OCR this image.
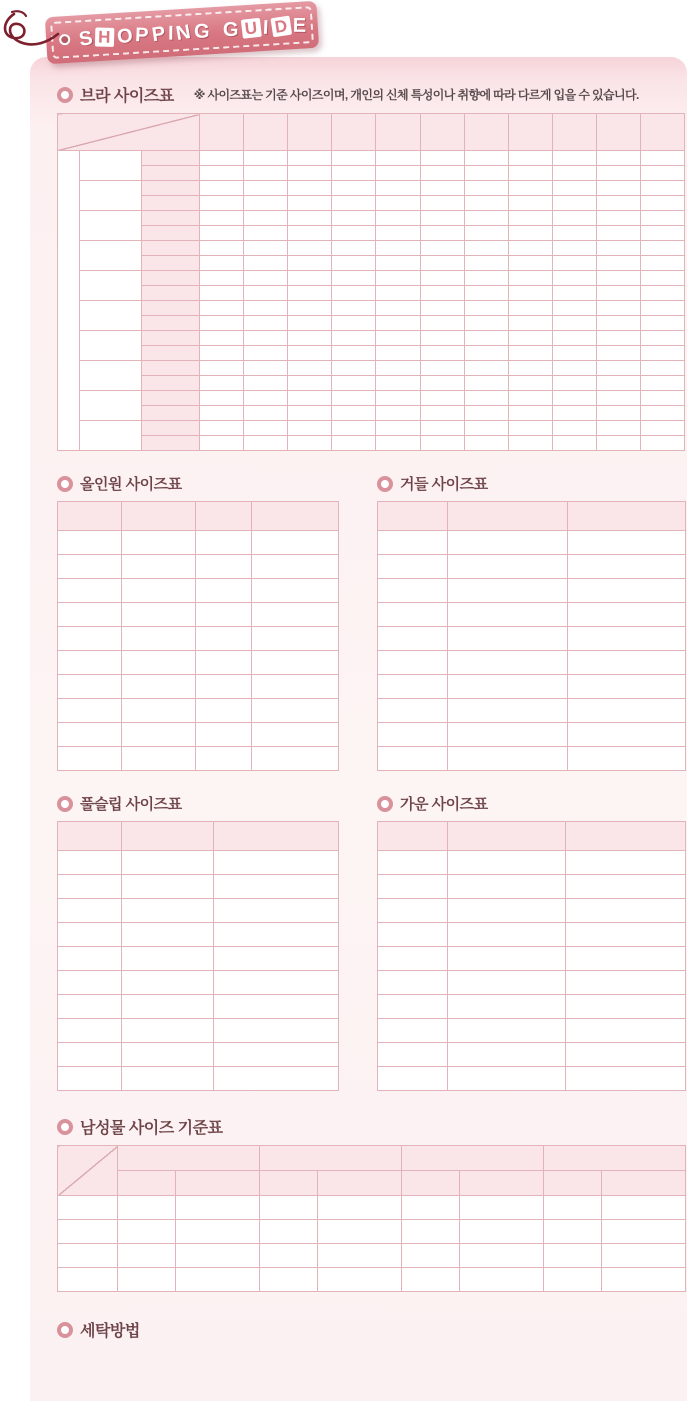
S H O P P I N G G U I D E
브라 사이즈표 ※ 사이즈표는 기준 사이즈이며, 개인의 신체 특성이나 취향에 따라 다르게 입을 수 있습니다.

올인원 사이즈표

				거들 사이즈표

풀슬립 사이즈표

			가운 사이즈표

남성물 사이즈 기준표

세탁방법
